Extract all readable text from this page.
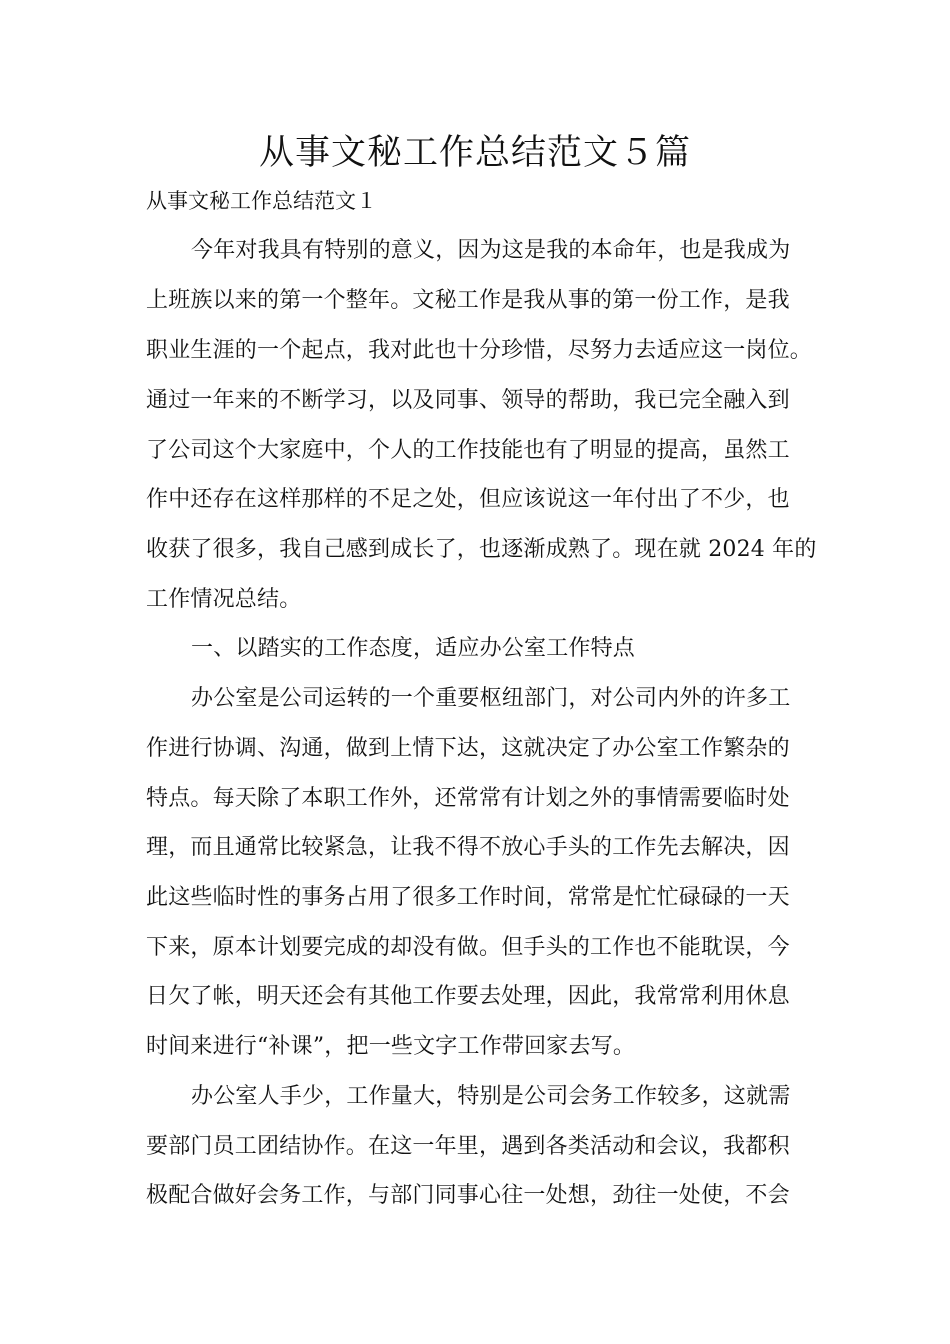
从事文秘工作总结范文５篇

从事文秘工作总结范文１

今年对我具有特别的意义，因为这是我的本命年，也是我成为

上班族以来的第一个整年。文秘工作是我从事的第一份工作，是我

职业生涯的一个起点，我对此也十分珍惜，尽努力去适应这一岗位。

通过一年来的不断学习，以及同事、领导的帮助，我已完全融入到

了公司这个大家庭中，个人的工作技能也有了明显的提高，虽然工

作中还存在这样那样的不足之处，但应该说这一年付出了不少，也

收获了很多，我自己感到成长了，也逐渐成熟了。现在就 2024 年的

工作情况总结。

一、以踏实的工作态度，适应办公室工作特点

办公室是公司运转的一个重要枢纽部门，对公司内外的许多工

作进行协调、沟通，做到上情下达，这就决定了办公室工作繁杂的

特点。每天除了本职工作外，还常常有计划之外的事情需要临时处

理，而且通常比较紧急，让我不得不放心手头的工作先去解决，因

此这些临时性的事务占用了很多工作时间，常常是忙忙碌碌的一天

下来，原本计划要完成的却没有做。但手头的工作也不能耽误，今

日欠了帐，明天还会有其他工作要去处理，因此，我常常利用休息

时间来进行“补课”，把一些文字工作带回家去写。

办公室人手少，工作量大，特别是公司会务工作较多，这就需

要部门员工团结协作。在这一年里，遇到各类活动和会议，我都积

极配合做好会务工作，与部门同事心往一处想，劲往一处使，不会
